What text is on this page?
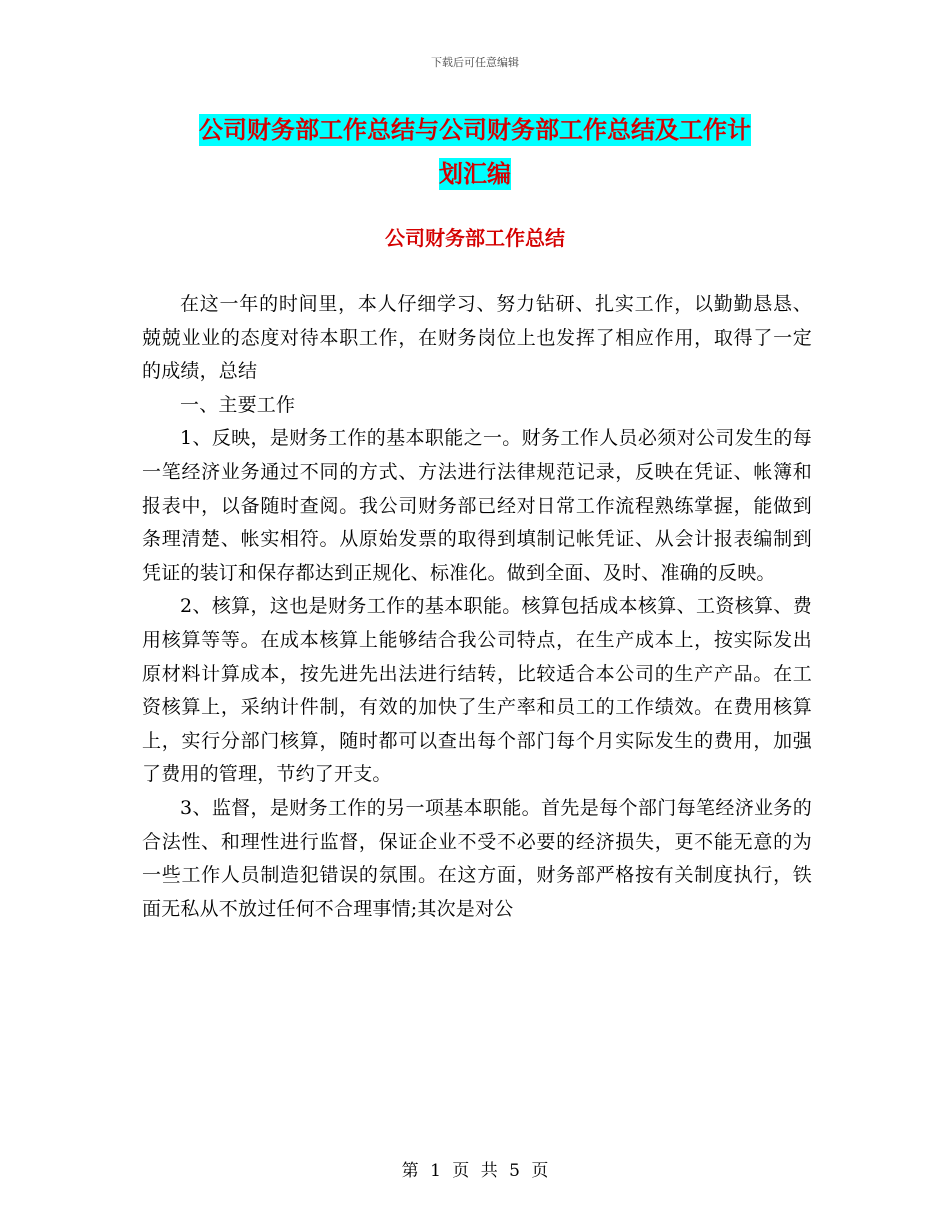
下载后可任意编辑
公司财务部工作总结与公司财务部工作总结及工作计
划汇编
公司财务部工作总结

在这一年的时间里，本人仔细学习、努力钻研、扎实工作，以勤勤恳恳、兢兢业业的态度对待本职工作，在财务岗位上也发挥了相应作用，取得了一定的成绩，总结

一、主要工作

1、反映，是财务工作的基本职能之一。财务工作人员必须对公司发生的每一笔经济业务通过不同的方式、方法进行法律规范记录，反映在凭证、帐簿和报表中，以备随时查阅。我公司财务部已经对日常工作流程熟练掌握，能做到条理清楚、帐实相符。从原始发票的取得到填制记帐凭证、从会计报表编制到凭证的装订和保存都达到正规化、标准化。做到全面、及时、准确的反映。

2、核算，这也是财务工作的基本职能。核算包括成本核算、工资核算、费用核算等等。在成本核算上能够结合我公司特点，在生产成本上，按实际发出原材料计算成本，按先进先出法进行结转，比较适合本公司的生产产品。在工资核算上，采纳计件制，有效的加快了生产率和员工的工作绩效。在费用核算上，实行分部门核算，随时都可以查出每个部门每个月实际发生的费用，加强了费用的管理，节约了开支。

3、监督，是财务工作的另一项基本职能。首先是每个部门每笔经济业务的合法性、和理性进行监督，保证企业不受不必要的经济损失，更不能无意的为一些工作人员制造犯错误的氛围。在这方面，财务部严格按有关制度执行，铁面无私从不放过任何不合理事情;其次是对公

第 1 页 共 5 页
